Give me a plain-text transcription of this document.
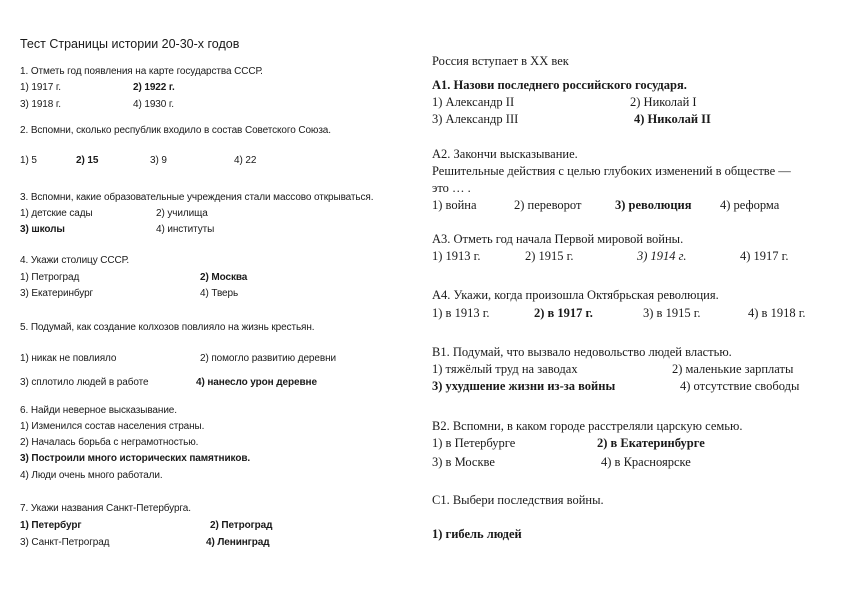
Тест Страницы истории 20-30-х годов
1. Отметь год появления на карте государства СССР.
1) 1917 г.	2) 1922 г.
3) 1918 г.	4) 1930 г.
2. Вспомни, сколько республик входило в состав Советского Союза.
1) 5	2) 15	3) 9	4) 22
3. Вспомни, какие образовательные учреждения стали массово открываться.
1) детские сады	2) училища
3) школы	4) институты
4. Укажи столицу СССР.
1) Петроград	2) Москва
3) Екатеринбург	4) Тверь
5. Подумай, как создание колхозов повлияло на жизнь крестьян.
1) никак не повлияло	2) помогло развитию деревни
3) сплотило людей в работе	4) нанесло урон деревне
6. Найди неверное высказывание.
1) Изменился состав населения страны.
2) Началась борьба с неграмотностью.
3) Построили много исторических памятников.
4) Люди очень много работали.
7. Укажи названия Санкт-Петербурга.
1) Петербург	2) Петроград
3) Санкт-Петроград	4) Ленинград
Россия вступает в XX век
А1. Назови последнего российского государя.
1) Александр II	2) Николай I
3) Александр III	4) Николай II
А2. Закончи высказывание.
Решительные действия с целью глубоких изменений в обществе —
это … .
1) война	2) переворот	3) революция 4) реформа
А3. Отметь год начала Первой мировой войны.
1) 1913 г.	2) 1915 г.	3) 1914 г.	4) 1917 г.
А4. Укажи, когда произошла Октябрьская революция.
1) в 1913 г.	2) в 1917 г.	3) в 1915 г.	4) в 1918 г.
В1. Подумай, что вызвало недовольство людей властью.
1) тяжёлый труд на заводах	2) маленькие зарплаты
3) ухудшение жизни из-за войны	4) отсутствие свободы
В2. Вспомни, в каком городе расстреляли царскую семью.
1) в Петербурге	2) в Екатеринбурге
3) в Москве	4) в Красноярске
С1. Выбери последствия войны.
1) гибель людей
